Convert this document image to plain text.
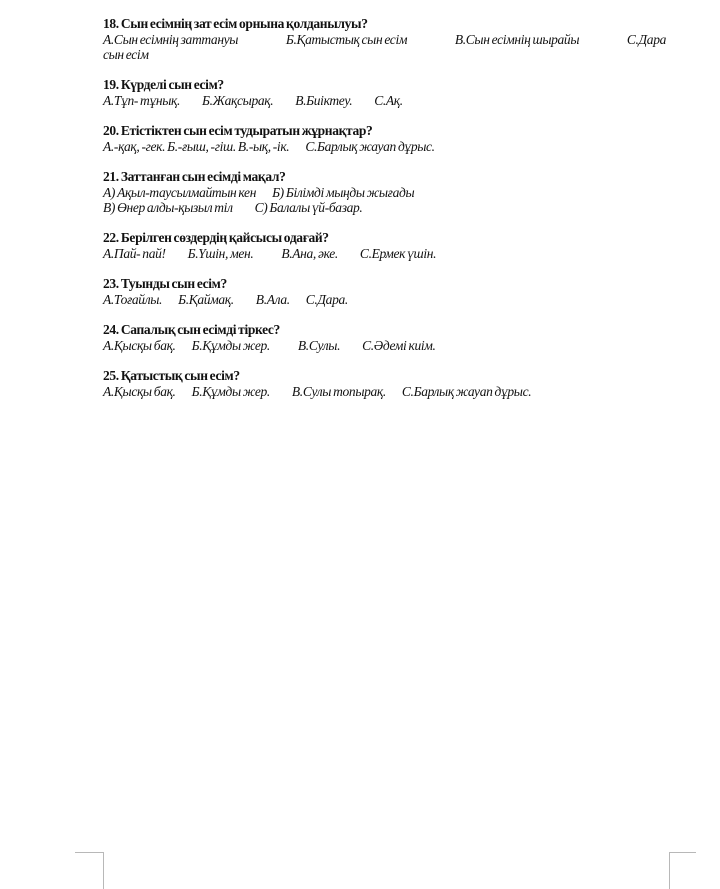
18. Сын есімнің зат есім орнына қолданылуы?
А.Сын есімнің заттануы	Б.Қатыстық сын есім	В.Сын есімнің шырайы	С.Дара
сын есім
19. Күрделі сын есім?
А.Тұп- тұнық. Б.Жақсырақ. В.Биіктеу. С.Ақ.
20. Етістіктен сын есім тудыратын жұрнақтар?
А.-қақ, -гек. Б.-ғыш, -гіш. В.-ық, -ік. С.Барлық жауап дұрыс.
21. Заттанған сын есімді мақал?
А) Ақыл-таусылмайтын кен Б) Білімді мыңды жығады
В) Өнер алды-қызыл тіл С) Балалы үй-базар.
22. Берілген сөздердің қайсысы одағай?
А.Пай- пай! Б.Үшін, мен. В.Ана, әке. С.Ермек үшін.
23. Туынды сын есім?
А.Тоғайлы. Б.Қаймақ. В.Ала. С.Дара.
24. Сапалық сын есімді тіркес?
А.Қысқы бақ. Б.Құмды жер. В.Сулы. С.Әдемі киім.
25. Қатыстық сын есім?
А.Қысқы бақ. Б.Құмды жер. В.Сулы топырақ. С.Барлық жауап дұрыс.
